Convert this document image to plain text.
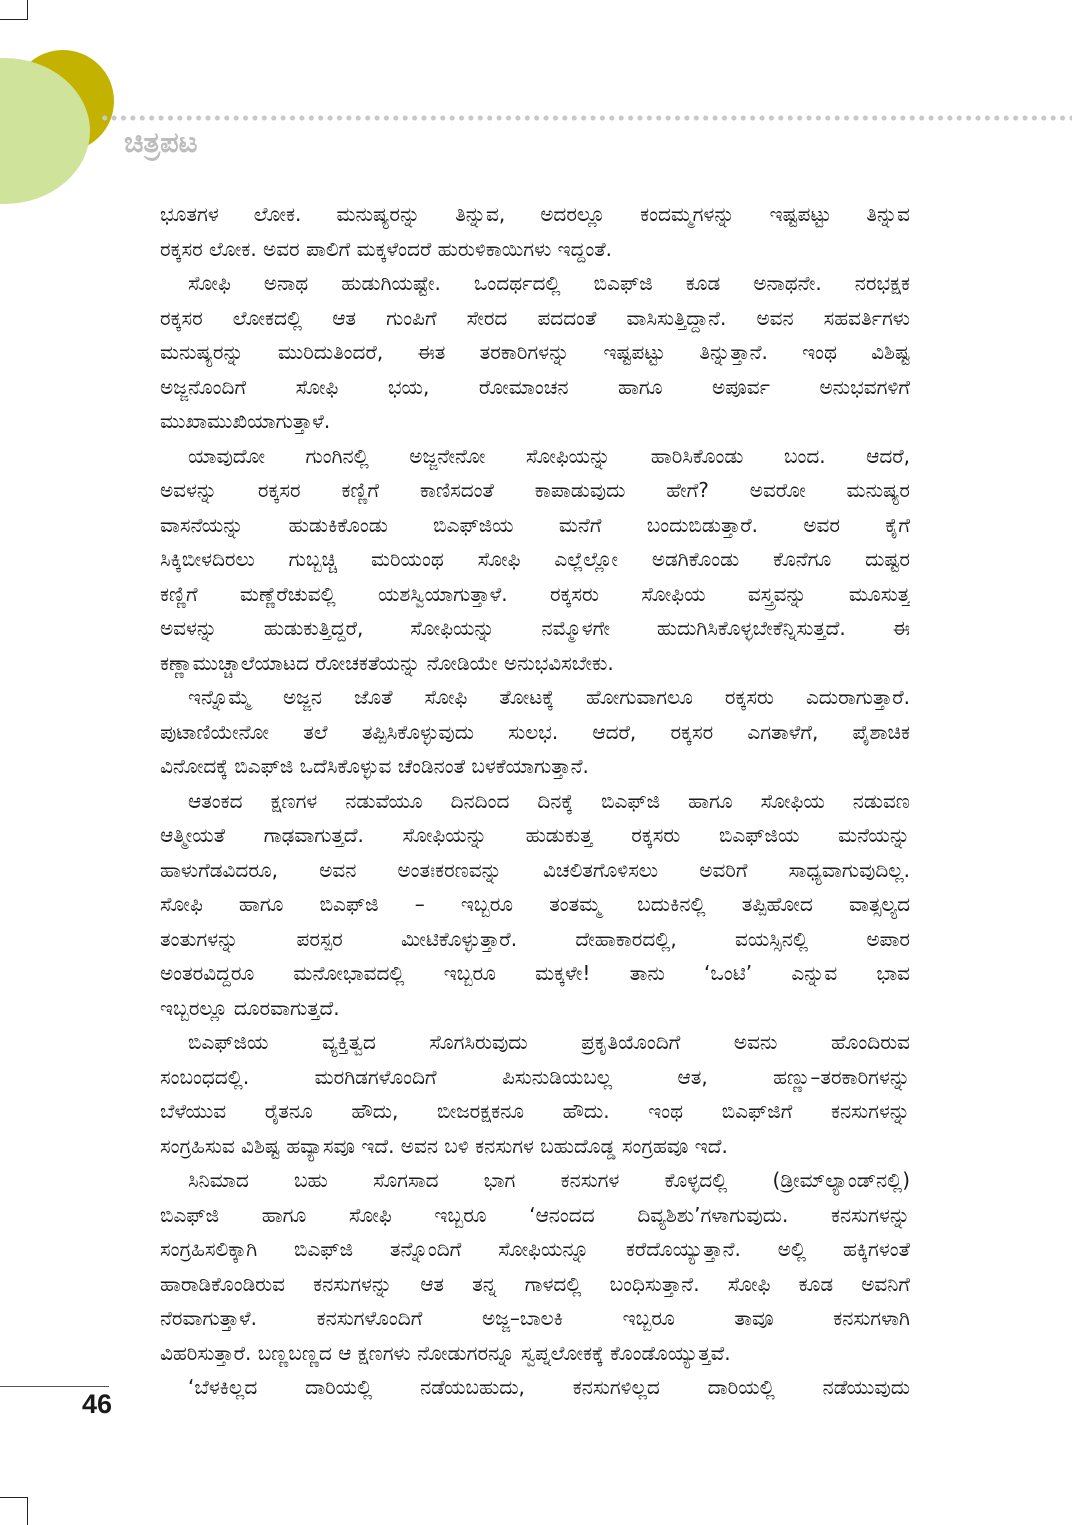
ಚಿತ್ರಪಟ
ಭೂತಗಳ ಲೋಕ. ಮನುಷ್ಯರನ್ನು ತಿನ್ನುವ, ಅದರಲ್ಲೂ ಕಂದಮ್ಮಗಳನ್ನು ಇಷ್ಟಪಟ್ಟು ತಿನ್ನುವ
ರಕ್ಕಸರ ಲೋಕ. ಅವರ ಪಾಲಿಗೆ ಮಕ್ಕಳೆಂದರೆ ಹುರುಳಿಕಾಯಿಗಳು ಇದ್ದಂತೆ.
ಸೋಫಿ ಅನಾಥ ಹುಡುಗಿಯಷ್ಟೇ. ಒಂದರ್ಥದಲ್ಲಿ ಬಿಎಫ್‌ಜಿ ಕೂಡ ಅನಾಥನೇ. ನರಭಕ್ಷಕ
ರಕ್ಕಸರ ಲೋಕದಲ್ಲಿ ಆತ ಗುಂಪಿಗೆ ಸೇರದ ಪದದಂತೆ ವಾಸಿಸುತ್ತಿದ್ದಾನೆ. ಅವನ ಸಹವರ್ತಿಗಳು
ಮನುಷ್ಯರನ್ನು ಮುರಿದುತಿಂದರೆ, ಈತ ತರಕಾರಿಗಳನ್ನು ಇಷ್ಟಪಟ್ಟು ತಿನ್ನುತ್ತಾನೆ. ಇಂಥ ವಿಶಿಷ್ಟ
ಅಜ್ಜನೊಂದಿಗೆ ಸೋಫಿ ಭಯ, ರೋಮಾಂಚನ ಹಾಗೂ ಅಪೂರ್ವ ಅನುಭವಗಳಿಗೆ
ಮುಖಾಮುಖಿಯಾಗುತ್ತಾಳೆ.
ಯಾವುದೋ ಗುಂಗಿನಲ್ಲಿ ಅಜ್ಜನೇನೋ ಸೋಫಿಯನ್ನು ಹಾರಿಸಿಕೊಂಡು ಬಂದ. ಆದರೆ,
ಅವಳನ್ನು ರಕ್ಕಸರ ಕಣ್ಣಿಗೆ ಕಾಣಿಸದಂತೆ ಕಾಪಾಡುವುದು ಹೇಗೆ? ಅವರೋ ಮನುಷ್ಯರ
ವಾಸನೆಯನ್ನು ಹುಡುಕಿಕೊಂಡು ಬಿಎಫ್‌ಜಿಯ ಮನೆಗೆ ಬಂದುಬಿಡುತ್ತಾರೆ. ಅವರ ಕೈಗೆ
ಸಿಕ್ಕಿಬೀಳದಿರಲು ಗುಬ್ಬಚ್ಚಿ ಮರಿಯಂಥ ಸೋಫಿ ಎಲ್ಲೆಲ್ಲೋ ಅಡಗಿಕೊಂಡು ಕೊನೆಗೂ ದುಷ್ಟರ
ಕಣ್ಣಿಗೆ ಮಣ್ಣೆರೆಚುವಲ್ಲಿ ಯಶಸ್ವಿಯಾಗುತ್ತಾಳೆ. ರಕ್ಕಸರು ಸೋಫಿಯ ವಸ್ತ್ರವನ್ನು ಮೂಸುತ್ತ
ಅವಳನ್ನು ಹುಡುಕುತ್ತಿದ್ದರೆ, ಸೋಫಿಯನ್ನು ನಮ್ಮೊಳಗೇ ಹುದುಗಿಸಿಕೊಳ್ಳಬೇಕೆನ್ನಿಸುತ್ತದೆ. ಈ
ಕಣ್ಣಾಮುಚ್ಚಾಲೆಯಾಟದ ರೋಚಕತೆಯನ್ನು ನೋಡಿಯೇ ಅನುಭವಿಸಬೇಕು.
ಇನ್ನೊಮ್ಮೆ ಅಜ್ಜನ ಜೊತೆ ಸೋಫಿ ತೋಟಕ್ಕೆ ಹೋಗುವಾಗಲೂ ರಕ್ಕಸರು ಎದುರಾಗುತ್ತಾರೆ.
ಪುಟಾಣಿಯೇನೋ ತಲೆ ತಪ್ಪಿಸಿಕೊಳ್ಳುವುದು ಸುಲಭ. ಆದರೆ, ರಕ್ಕಸರ ಎಗತಾಳೆಗೆ, ಪೈಶಾಚಿಕ
ವಿನೋದಕ್ಕೆ ಬಿಎಫ್‌ಜಿ ಒದೆಸಿಕೊಳ್ಳುವ ಚೆಂಡಿನಂತೆ ಬಳಕೆಯಾಗುತ್ತಾನೆ.
ಆತಂಕದ ಕ್ಷಣಗಳ ನಡುವೆಯೂ ದಿನದಿಂದ ದಿನಕ್ಕೆ ಬಿಎಫ್‌ಜಿ ಹಾಗೂ ಸೋಫಿಯ ನಡುವಣ
ಆತ್ಮೀಯತೆ ಗಾಢವಾಗುತ್ತದೆ. ಸೋಫಿಯನ್ನು ಹುಡುಕುತ್ತ ರಕ್ಕಸರು ಬಿಎಫ್‌ಜಿಯ ಮನೆಯನ್ನು
ಹಾಳುಗೆಡವಿದರೂ, ಅವನ ಅಂತಃಕರಣವನ್ನು ವಿಚಲಿತಗೊಳಿಸಲು ಅವರಿಗೆ ಸಾಧ್ಯವಾಗುವುದಿಲ್ಲ.
ಸೋಫಿ ಹಾಗೂ ಬಿಎಫ್‌ಜಿ – ಇಬ್ಬರೂ ತಂತಮ್ಮ ಬದುಕಿನಲ್ಲಿ ತಪ್ಪಿಹೋದ ವಾತ್ಸಲ್ಯದ
ತಂತುಗಳನ್ನು ಪರಸ್ಪರ ಮೀಟಿಕೊಳ್ಳುತ್ತಾರೆ. ದೇಹಾಕಾರದಲ್ಲಿ, ವಯಸ್ಸಿನಲ್ಲಿ ಅಪಾರ
ಅಂತರವಿದ್ದರೂ ಮನೋಭಾವದಲ್ಲಿ ಇಬ್ಬರೂ ಮಕ್ಕಳೇ! ತಾನು ‘ಒಂಟಿ’ ಎನ್ನುವ ಭಾವ
ಇಬ್ಬರಲ್ಲೂ ದೂರವಾಗುತ್ತದೆ.
ಬಿಎಫ್‌ಜಿಯ ವ್ಯಕ್ತಿತ್ವದ ಸೊಗಸಿರುವುದು ಪ್ರಕೃತಿಯೊಂದಿಗೆ ಅವನು ಹೊಂದಿರುವ
ಸಂಬಂಧದಲ್ಲಿ. ಮರಗಿಡಗಳೊಂದಿಗೆ ಪಿಸುನುಡಿಯಬಲ್ಲ ಆತ, ಹಣ್ಣು–ತರಕಾರಿಗಳನ್ನು
ಬೆಳೆಯುವ ರೈತನೂ ಹೌದು, ಬೀಜರಕ್ಷಕನೂ ಹೌದು. ಇಂಥ ಬಿಎಫ್‌ಜಿಗೆ ಕನಸುಗಳನ್ನು
ಸಂಗ್ರಹಿಸುವ ವಿಶಿಷ್ಟ ಹವ್ಯಾಸವೂ ಇದೆ. ಅವನ ಬಳಿ ಕನಸುಗಳ ಬಹುದೊಡ್ಡ ಸಂಗ್ರಹವೂ ಇದೆ.
ಸಿನಿಮಾದ ಬಹು ಸೊಗಸಾದ ಭಾಗ ಕನಸುಗಳ ಕೊಳ್ಳದಲ್ಲಿ (ಡ್ರೀಮ್‌ಲ್ಯಾಂಡ್‌ನಲ್ಲಿ)
ಬಿಎಫ್‌ಜಿ ಹಾಗೂ ಸೋಫಿ ಇಬ್ಬರೂ ‘ಆನಂದದ ದಿವ್ಯಶಿಶು’ಗಳಾಗುವುದು. ಕನಸುಗಳನ್ನು
ಸಂಗ್ರಹಿಸಲಿಕ್ಕಾಗಿ ಬಿಎಫ್‌ಜಿ ತನ್ನೊಂದಿಗೆ ಸೋಫಿಯನ್ನೂ ಕರೆದೊಯ್ಯುತ್ತಾನೆ. ಅಲ್ಲಿ ಹಕ್ಕಿಗಳಂತೆ
ಹಾರಾಡಿಕೊಂಡಿರುವ ಕನಸುಗಳನ್ನು ಆತ ತನ್ನ ಗಾಳದಲ್ಲಿ ಬಂಧಿಸುತ್ತಾನೆ. ಸೋಫಿ ಕೂಡ ಅವನಿಗೆ
ನೆರವಾಗುತ್ತಾಳೆ. ಕನಸುಗಳೊಂದಿಗೆ ಅಜ್ಜ–ಬಾಲಕಿ ಇಬ್ಬರೂ ತಾವೂ ಕನಸುಗಳಾಗಿ
ವಿಹರಿಸುತ್ತಾರೆ. ಬಣ್ಣಬಣ್ಣದ ಆ ಕ್ಷಣಗಳು ನೋಡುಗರನ್ನೂ ಸ್ವಪ್ನಲೋಕಕ್ಕೆ ಕೊಂಡೊಯ್ಯುತ್ತವೆ.
‘ಬೆಳಕಿಲ್ಲದ ದಾರಿಯಲ್ಲಿ ನಡೆಯಬಹುದು, ಕನಸುಗಳಿಲ್ಲದ ದಾರಿಯಲ್ಲಿ ನಡೆಯುವುದು
46
